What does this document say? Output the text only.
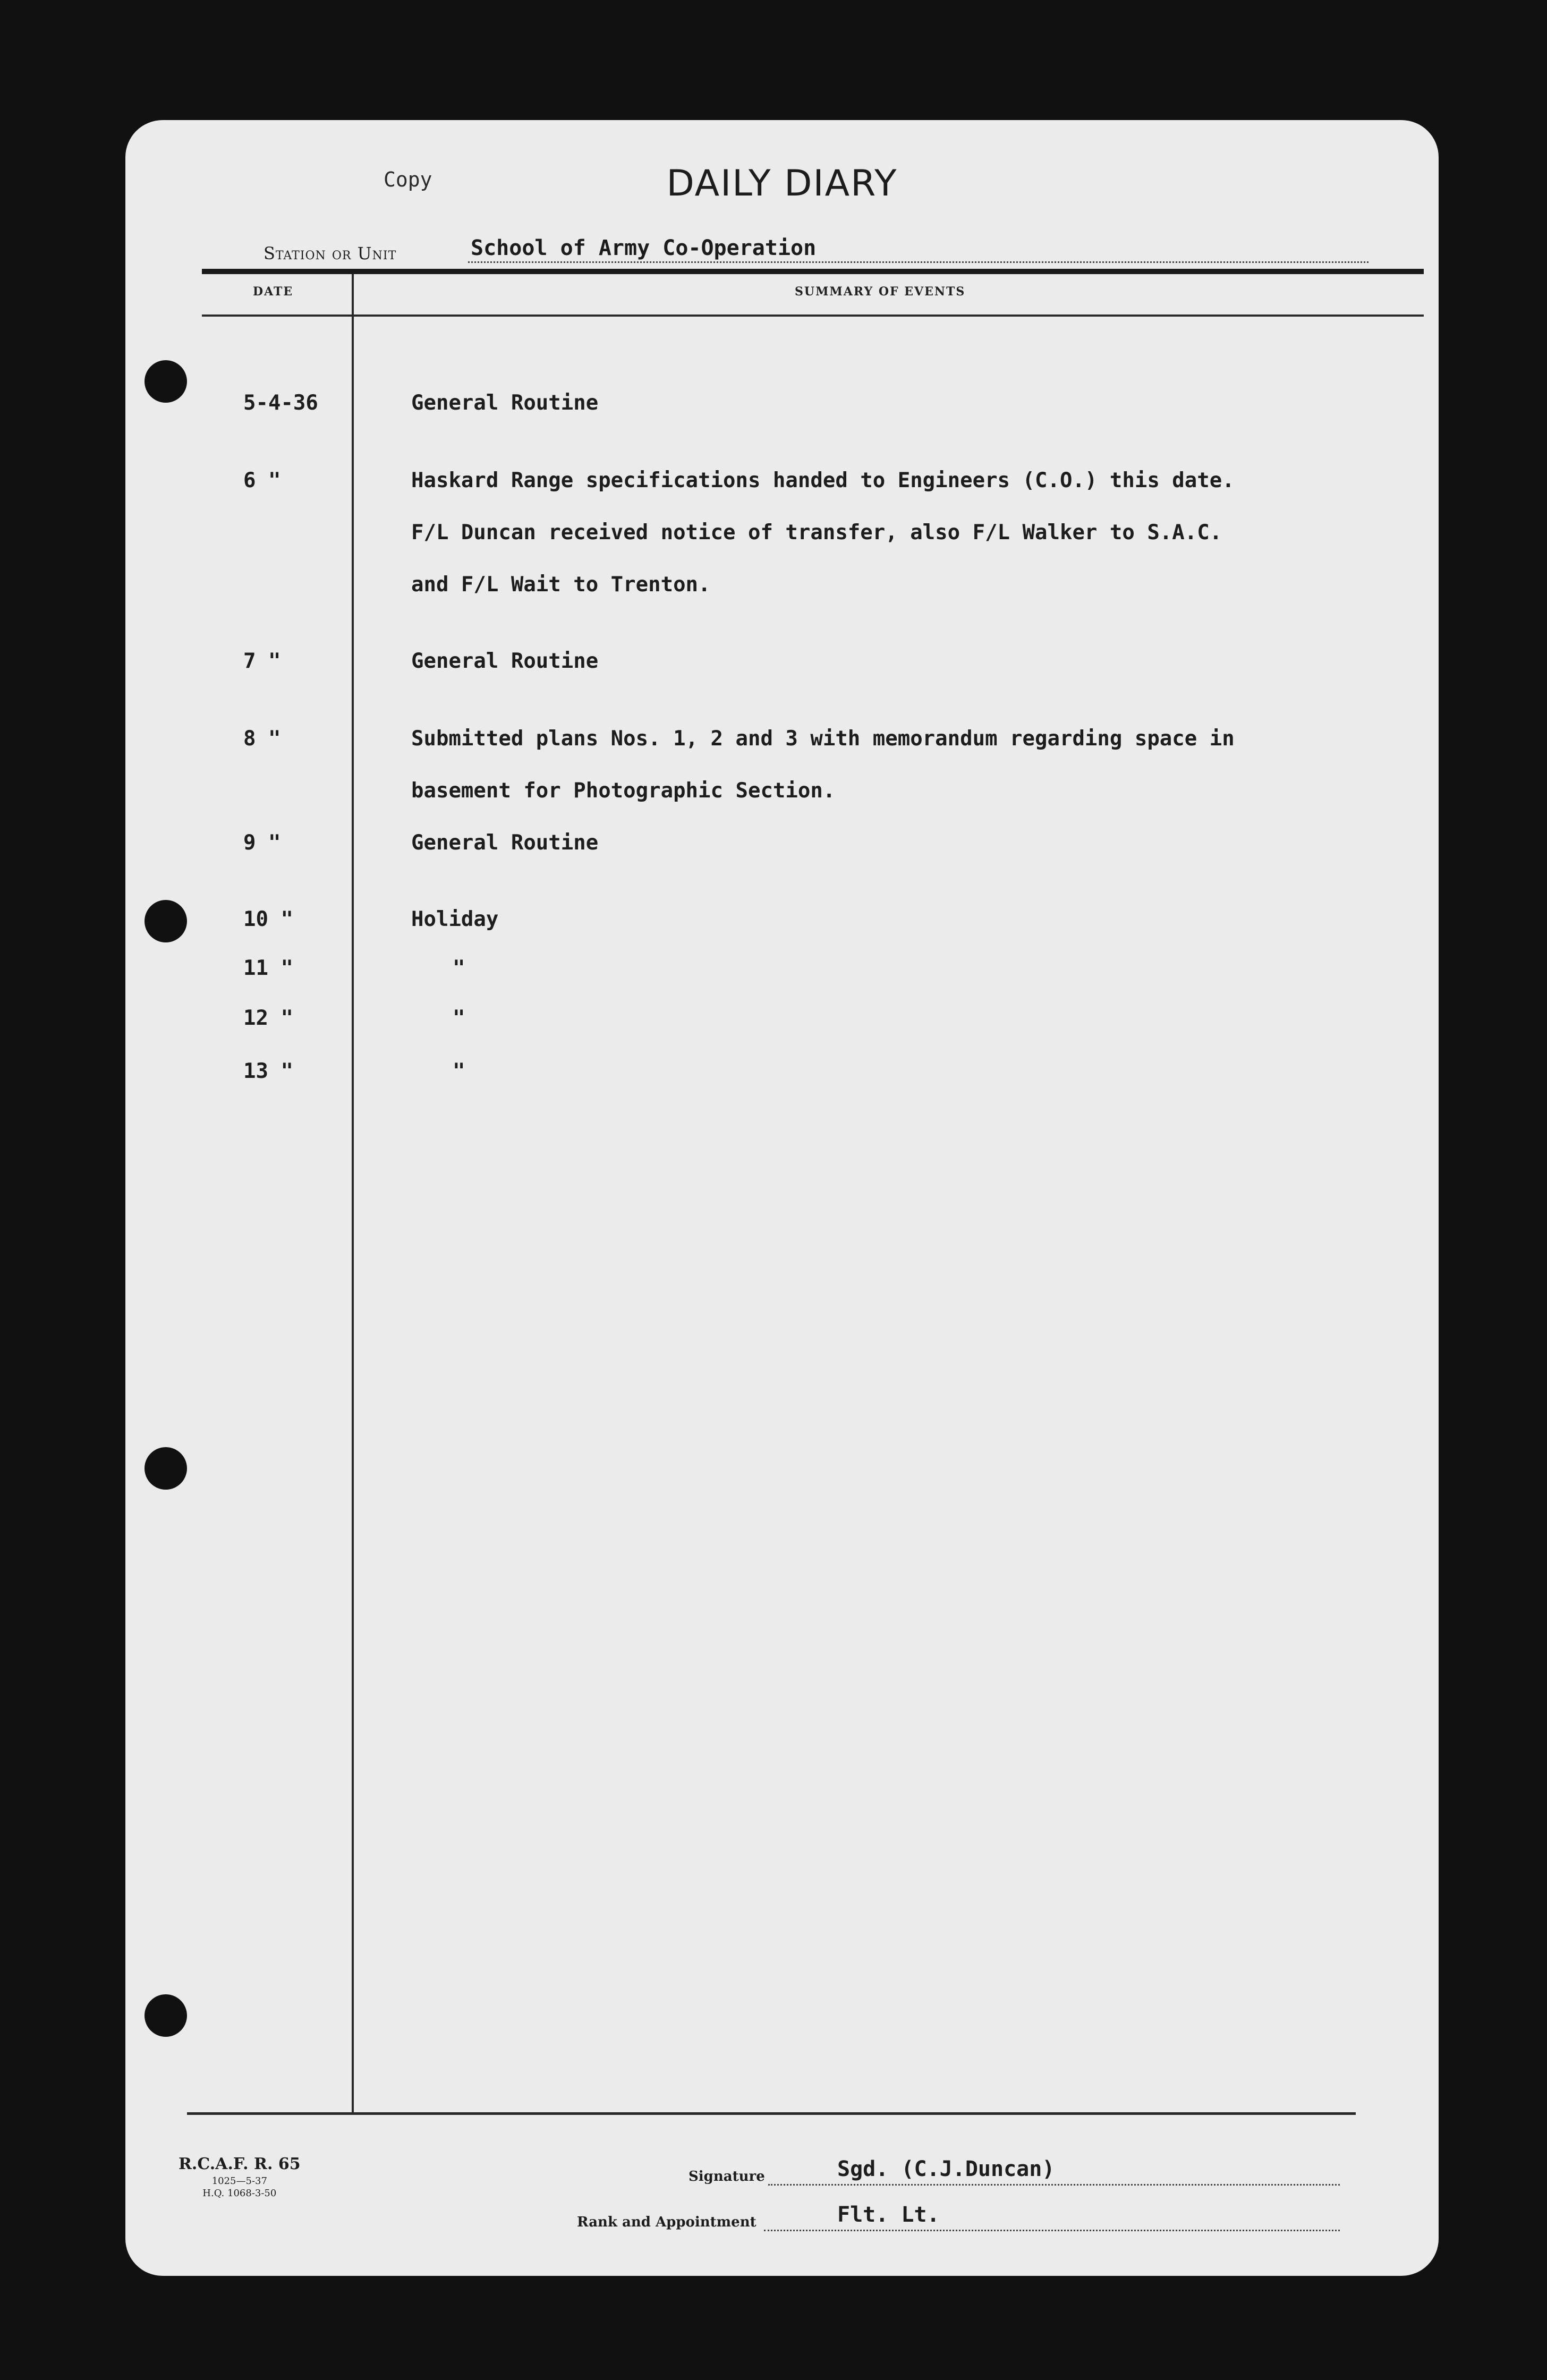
Copy	DAILY DIARY
Station or Unit	School of Army Co-Operation
DATE	SUMMARY OF EVENTS
5-4-36	General Routine
6 "	Haskard Range specifications handed to Engineers (C.O.) this date.
F/L Duncan received notice of transfer, also F/L Walker to S.A.C.
and F/L Wait to Trenton.
7 "	General Routine
8 "	Submitted plans Nos. 1, 2 and 3 with memorandum regarding space in
basement for Photographic Section.
9 "	General Routine
10 "	Holiday
11 "	"
12 "	"
13 "	"
R.C.A.F. R. 65
1025—5-37
H.Q. 1068-3-50
Signature	Sgd. (C.J.Duncan)
Rank and Appointment	Flt. Lt.
